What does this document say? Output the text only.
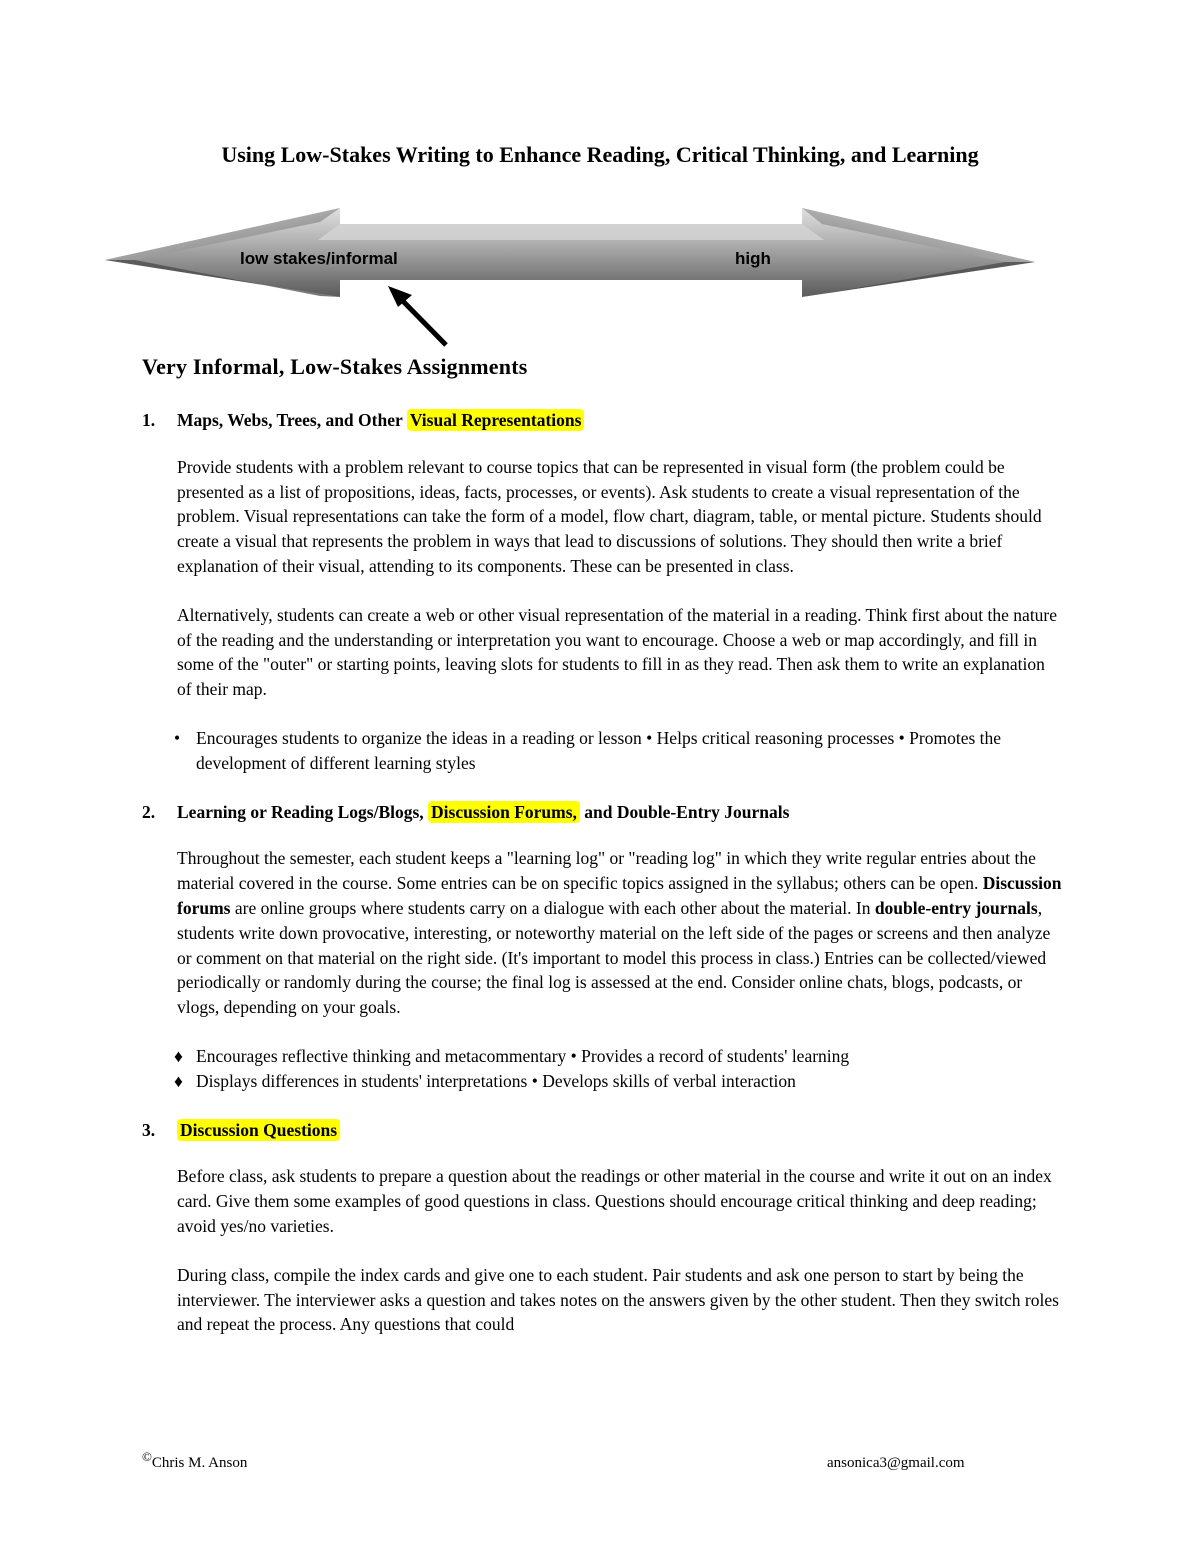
Using Low-Stakes Writing to Enhance Reading, Critical Thinking, and Learning
low stakes/informal	high
Very Informal, Low-Stakes Assignments

1. Maps, Webs, Trees, and Other Visual Representations

Provide students with a problem relevant to course topics that can be represented in visual form (the problem could be presented as a list of propositions, ideas, facts, processes, or events). Ask students to create a visual representation of the problem. Visual representations can take the form of a model, flow chart, diagram, table, or mental picture. Students should create a visual that represents the problem in ways that lead to discussions of solutions. They should then write a brief explanation of their visual, attending to its components. These can be presented in class.

Alternatively, students can create a web or other visual representation of the material in a reading. Think first about the nature of the reading and the understanding or interpretation you want to encourage. Choose a web or map accordingly, and fill in some of the "outer" or starting points, leaving slots for students to fill in as they read. Then ask them to write an explanation of their map.

• Encourages students to organize the ideas in a reading or lesson • Helps critical reasoning processes • Promotes the development of different learning styles

2. Learning or Reading Logs/Blogs, Discussion Forums, and Double-Entry Journals

Throughout the semester, each student keeps a "learning log" or "reading log" in which they write regular entries about the material covered in the course. Some entries can be on specific topics assigned in the syllabus; others can be open. Discussion forums are online groups where students carry on a dialogue with each other about the material. In double-entry journals, students write down provocative, interesting, or noteworthy material on the left side of the pages or screens and then analyze or comment on that material on the right side. (It's important to model this process in class.) Entries can be collected/viewed periodically or randomly during the course; the final log is assessed at the end. Consider online chats, blogs, podcasts, or vlogs, depending on your goals.

♦ Encourages reflective thinking and metacommentary • Provides a record of students' learning
♦ Displays differences in students' interpretations • Develops skills of verbal interaction

3. Discussion Questions

Before class, ask students to prepare a question about the readings or other material in the course and write it out on an index card. Give them some examples of good questions in class. Questions should encourage critical thinking and deep reading; avoid yes/no varieties.

During class, compile the index cards and give one to each student. Pair students and ask one person to start by being the interviewer. The interviewer asks a question and takes notes on the answers given by the other student. Then they switch roles and repeat the process. Any questions that could

©Chris M. Anson	ansonica3@gmail.com
